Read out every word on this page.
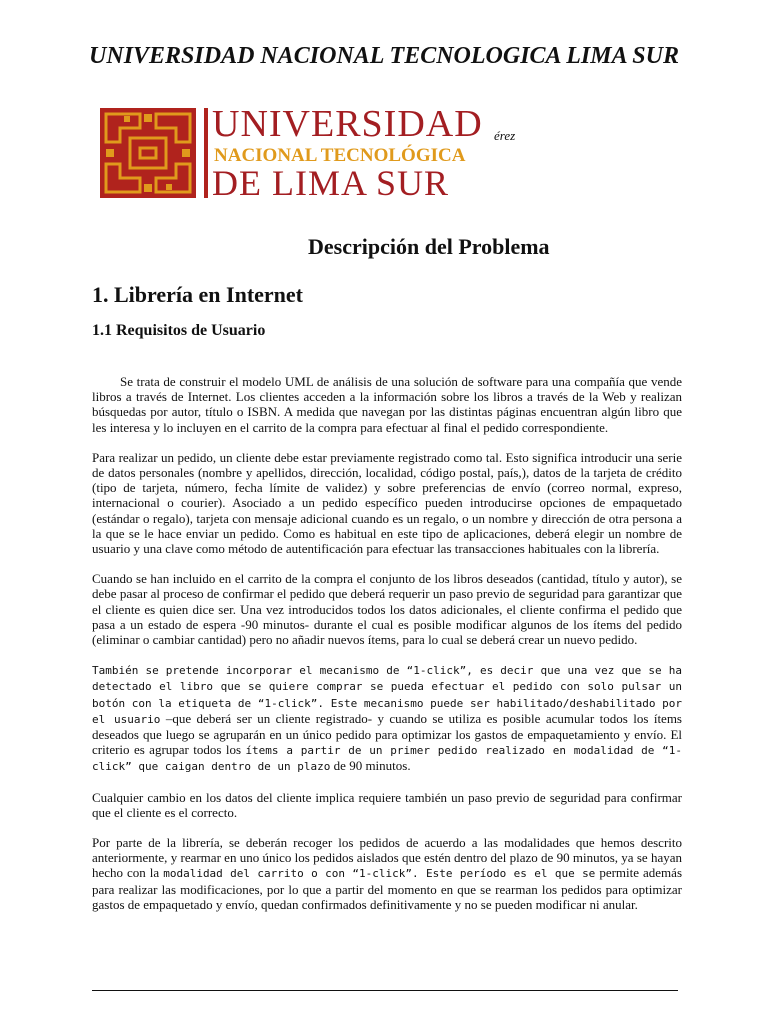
UNIVERSIDAD NACIONAL TECNOLOGICA LIMA SUR
UNIVERSIDAD
NACIONAL TECNOLÓGICA
DE LIMA SUR
érez
Descripción del Problema
1. Librería en Internet
1.1 Requisitos de Usuario

Se trata de construir el modelo UML de análisis de una solución de software para una compañía que vende libros a través de Internet. Los clientes acceden a la información sobre los libros a través de la Web y realizan búsquedas por autor, título o ISBN. A medida que navegan por las distintas páginas encuentran algún libro que les interesa y lo incluyen en el carrito de la compra para efectuar al final el pedido correspondiente.

Para realizar un pedido, un cliente debe estar previamente registrado como tal. Esto significa introducir una serie de datos personales (nombre y apellidos, dirección, localidad, código postal, país,), datos de la tarjeta de crédito (tipo de tarjeta, número, fecha límite de validez) y sobre preferencias de envío (correo normal, expreso, internacional o courier). Asociado a un pedido específico pueden introducirse opciones de empaquetado (estándar o regalo), tarjeta con mensaje adicional cuando es un regalo, o un nombre y dirección de otra persona a la que se le hace enviar un pedido. Como es habitual en este tipo de aplicaciones, deberá elegir un nombre de usuario y una clave como método de autentificación para efectuar las transacciones habituales con la librería.

Cuando se han incluido en el carrito de la compra el conjunto de los libros deseados (cantidad, título y autor), se debe pasar al proceso de confirmar el pedido que deberá requerir un paso previo de seguridad para garantizar que el cliente es quien dice ser. Una vez introducidos todos los datos adicionales, el cliente confirma el pedido que pasa a un estado de espera -90 minutos- durante el cual es posible modificar algunos de los ítems del pedido (eliminar o cambiar cantidad) pero no añadir nuevos ítems, para lo cual se deberá crear un nuevo pedido.

También se pretende incorporar el mecanismo de “1-click”, es decir que una vez que se ha detectado el libro que se quiere comprar se pueda efectuar el pedido con solo pulsar un botón con la etiqueta de “1-click”. Este mecanismo puede ser habilitado/deshabilitado por el usuario –que deberá ser un cliente registrado- y cuando se utiliza es posible acumular todos los ítems deseados que luego se agruparán en un único pedido para optimizar los gastos de empaquetamiento y envío. El criterio es agrupar todos los ítems a partir de un primer pedido realizado en modalidad de “1-click” que caigan dentro de un plazo de 90 minutos.

Cualquier cambio en los datos del cliente implica requiere también un paso previo de seguridad para confirmar que el cliente es el correcto.

Por parte de la librería, se deberán recoger los pedidos de acuerdo a las modalidades que hemos descrito anteriormente, y rearmar en uno único los pedidos aislados que estén dentro del plazo de 90 minutos, ya se hayan hecho con la modalidad del carrito o con “1-click”. Este período es el que se permite además para realizar las modificaciones, por lo que a partir del momento en que se rearman los pedidos para optimizar gastos de empaquetado y envío, quedan confirmados definitivamente y no se pueden modificar ni anular.
